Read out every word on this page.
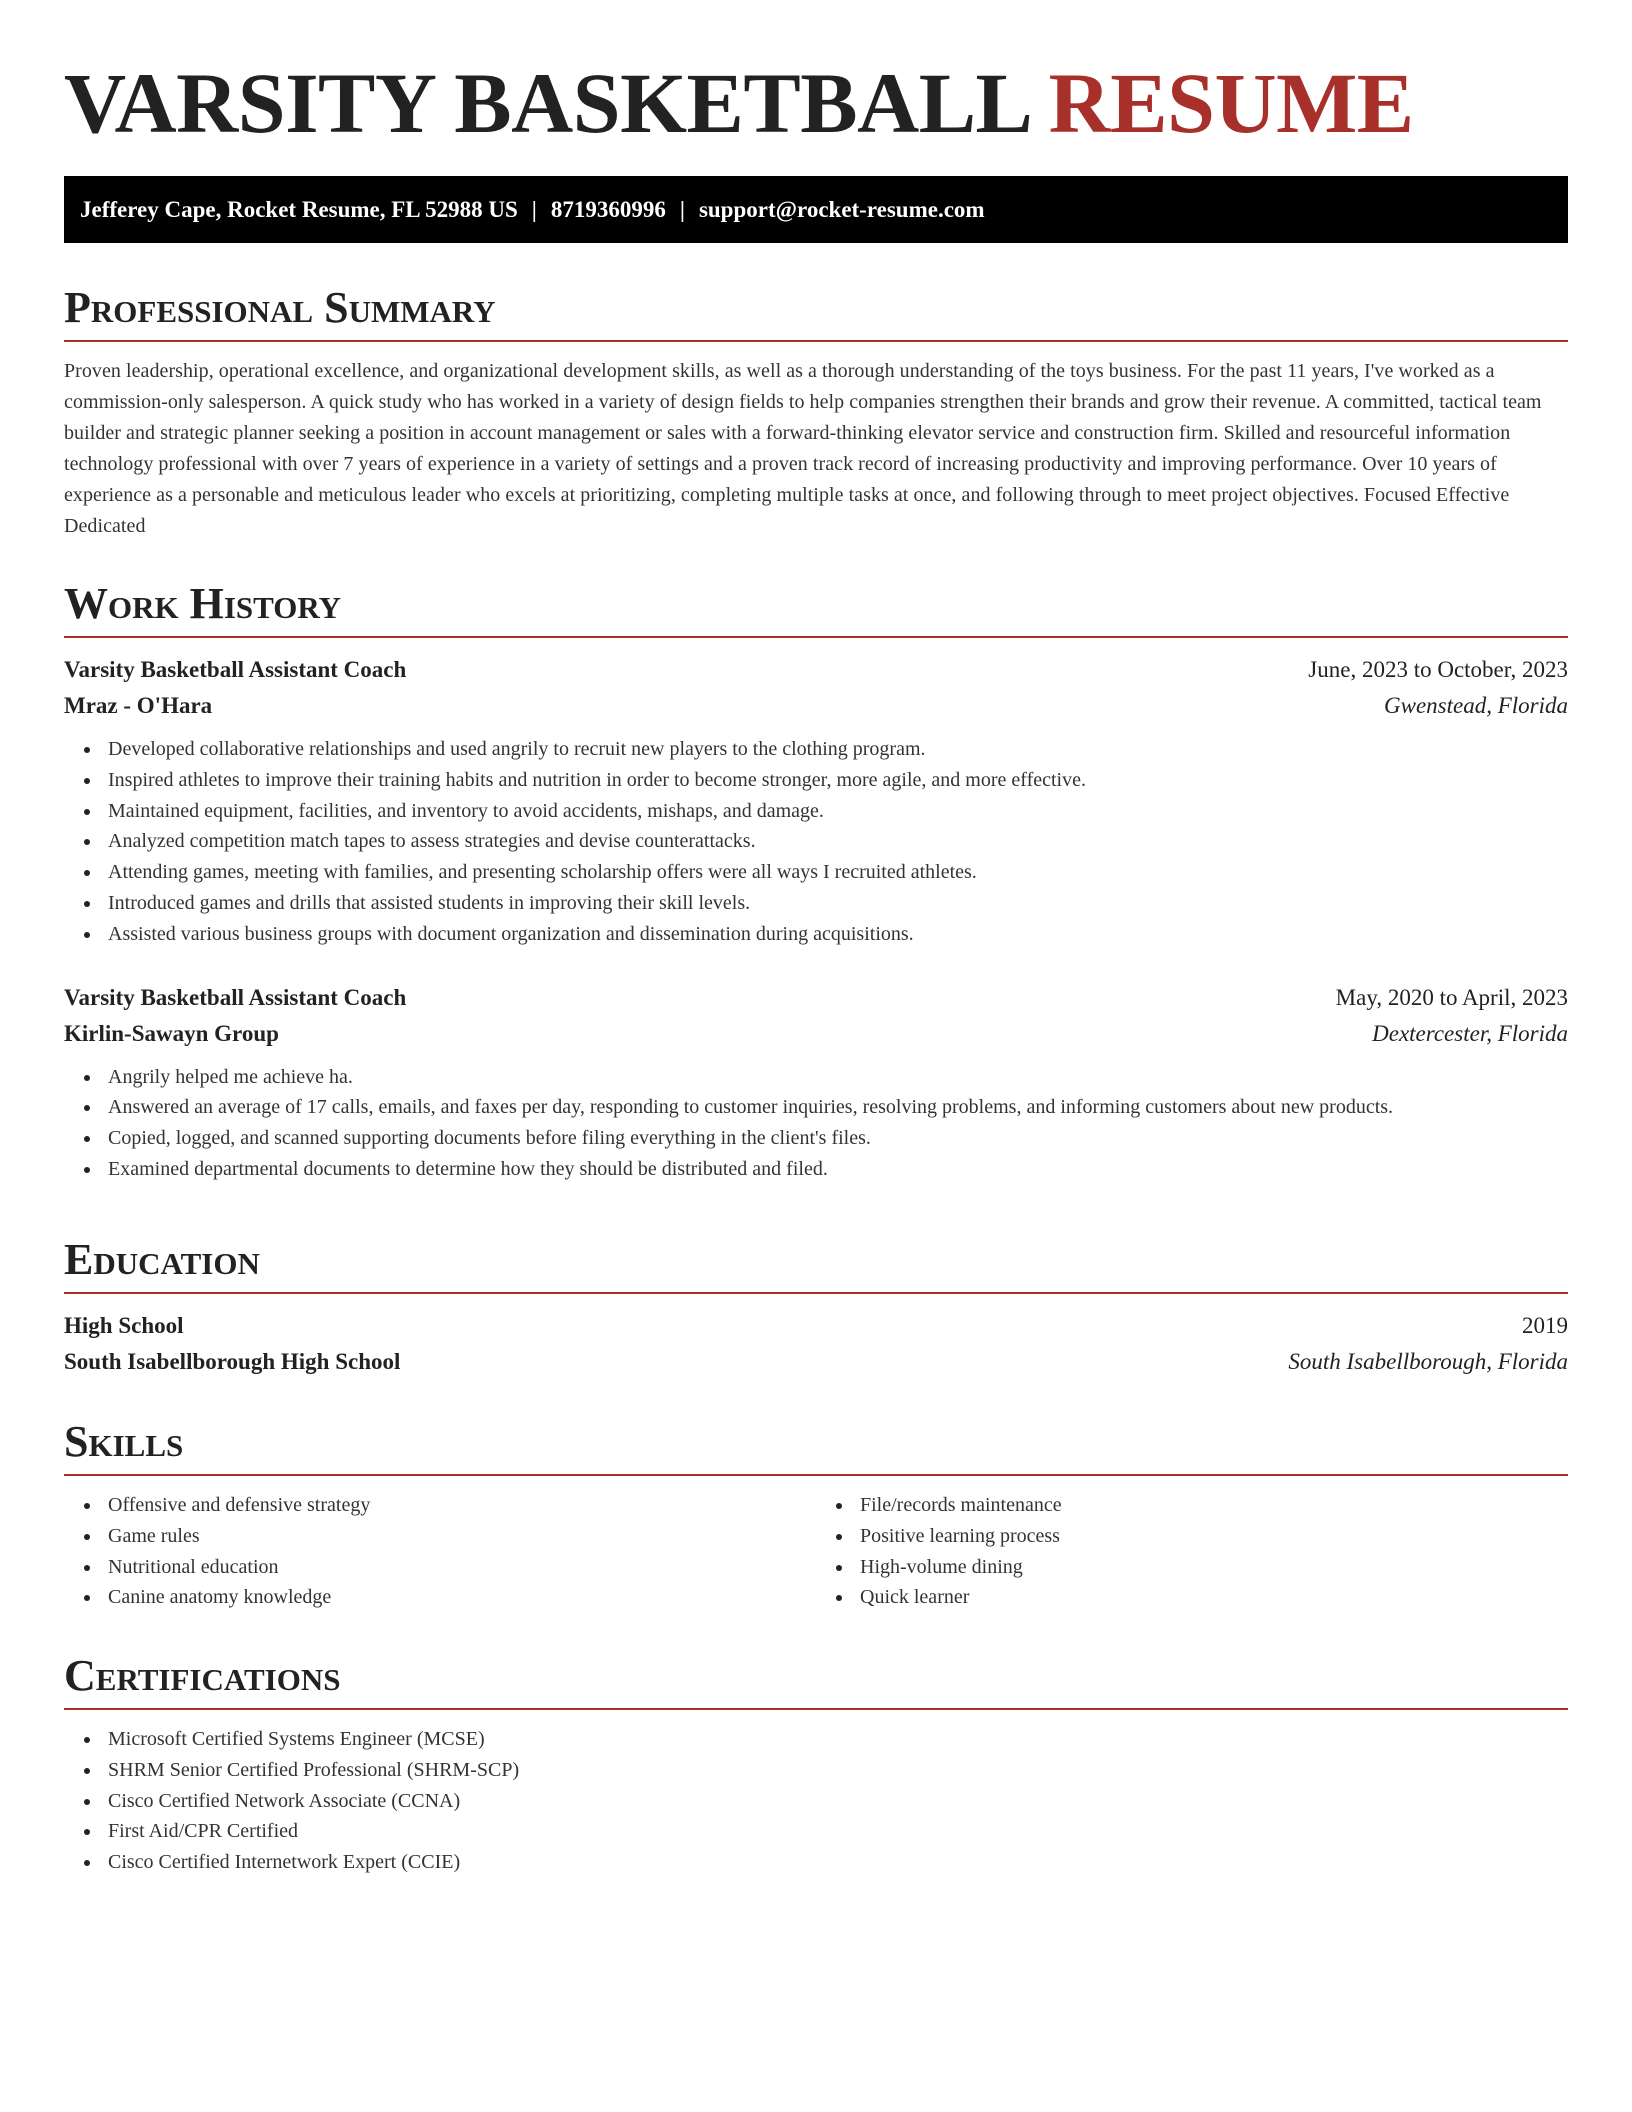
VARSITY BASKETBALL RESUME
Jefferey Cape, Rocket Resume, FL 52988 US | 8719360996 | support@rocket-resume.com
Professional Summary

Proven leadership, operational excellence, and organizational development skills, as well as a thorough understanding of the toys business. For the past 11 years, I've worked as a commission-only salesperson. A quick study who has worked in a variety of design fields to help companies strengthen their brands and grow their revenue. A committed, tactical team builder and strategic planner seeking a position in account management or sales with a forward-thinking elevator service and construction firm. Skilled and resourceful information technology professional with over 7 years of experience in a variety of settings and a proven track record of increasing productivity and improving performance. Over 10 years of experience as a personable and meticulous leader who excels at prioritizing, completing multiple tasks at once, and following through to meet project objectives. Focused Effective Dedicated

Work History
Varsity Basketball Assistant Coach	June, 2023 to October, 2023
Mraz - O'Hara	Gwenstead, Florida
Developed collaborative relationships and used angrily to recruit new players to the clothing program.
Inspired athletes to improve their training habits and nutrition in order to become stronger, more agile, and more effective.
Maintained equipment, facilities, and inventory to avoid accidents, mishaps, and damage.
Analyzed competition match tapes to assess strategies and devise counterattacks.
Attending games, meeting with families, and presenting scholarship offers were all ways I recruited athletes.
Introduced games and drills that assisted students in improving their skill levels.
Assisted various business groups with document organization and dissemination during acquisitions.
Varsity Basketball Assistant Coach	May, 2020 to April, 2023
Kirlin-Sawayn Group	Dextercester, Florida
Angrily helped me achieve ha.
Answered an average of 17 calls, emails, and faxes per day, responding to customer inquiries, resolving problems, and informing customers about new products.
Copied, logged, and scanned supporting documents before filing everything in the client's files.
Examined departmental documents to determine how they should be distributed and filed.
Education
High School	2019
South Isabellborough High School	South Isabellborough, Florida
Skills
Offensive and defensive strategy
Game rules
Nutritional education
Canine anatomy knowledge
File/records maintenance
Positive learning process
High-volume dining
Quick learner
Certifications
Microsoft Certified Systems Engineer (MCSE)
SHRM Senior Certified Professional (SHRM-SCP)
Cisco Certified Network Associate (CCNA)
First Aid/CPR Certified
Cisco Certified Internetwork Expert (CCIE)
